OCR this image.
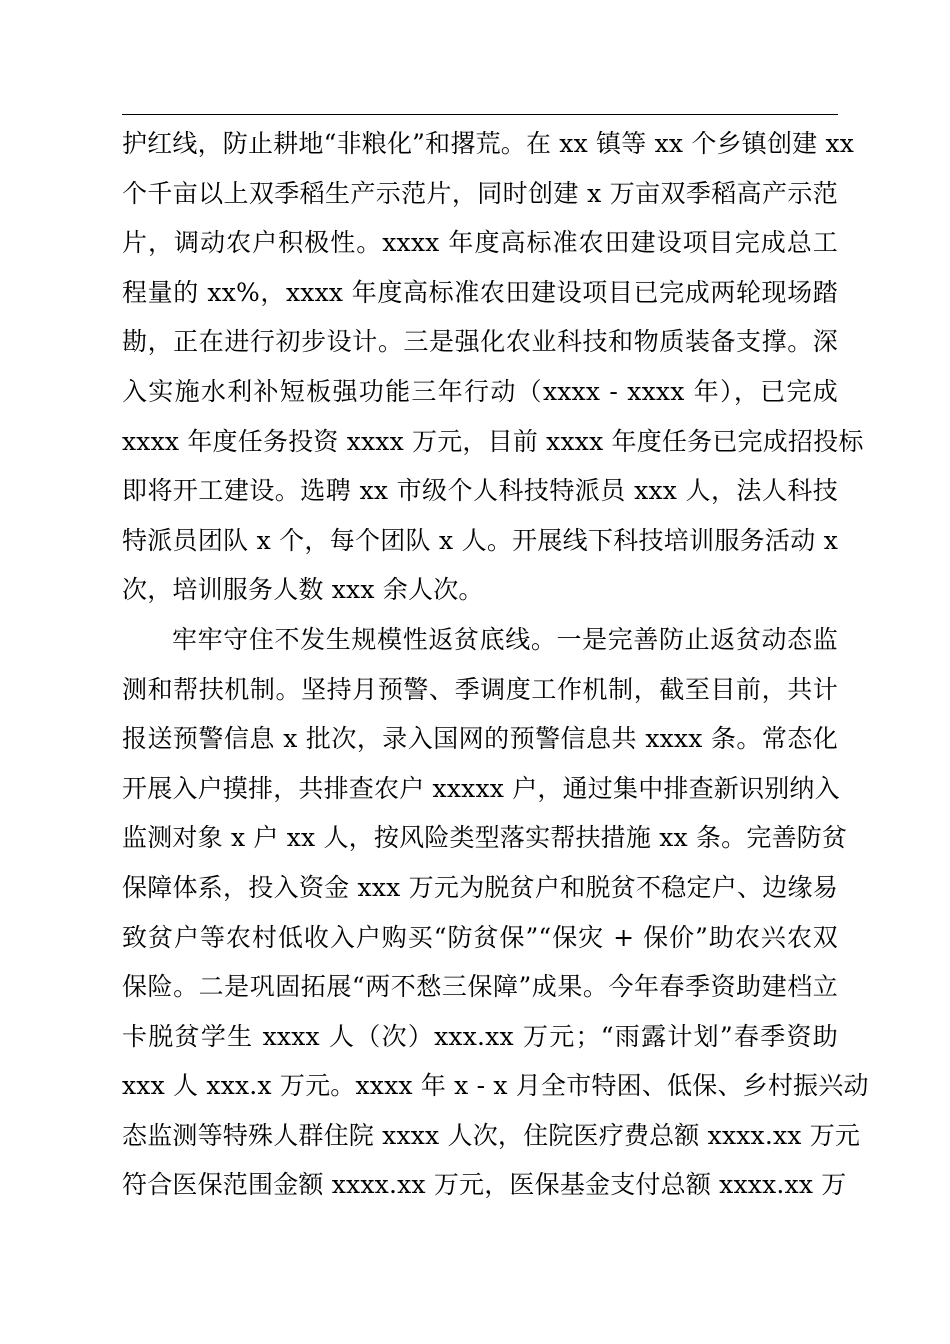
护红线，防止耕地“非粮化”和撂荒。在 xx 镇等 xx 个乡镇创建 xx
个千亩以上双季稻生产示范片，同时创建 x 万亩双季稻高产示范
片，调动农户积极性。xxxx 年度高标准农田建设项目完成总工
程量的 xx%，xxxx 年度高标准农田建设项目已完成两轮现场踏
勘，正在进行初步设计。三是强化农业科技和物质装备支撑。深
入实施水利补短板强功能三年行动（xxxx - xxxx 年），已完成
xxxx 年度任务投资 xxxx 万元，目前 xxxx 年度任务已完成招投标
即将开工建设。选聘 xx 市级个人科技特派员 xxx 人，法人科技
特派员团队 x 个，每个团队 x 人。开展线下科技培训服务活动 x
次，培训服务人数 xxx 余人次。
牢牢守住不发生规模性返贫底线。一是完善防止返贫动态监
测和帮扶机制。坚持月预警、季调度工作机制，截至目前，共计
报送预警信息 x 批次，录入国网的预警信息共 xxxx 条。常态化
开展入户摸排，共排查农户 xxxxx 户，通过集中排查新识别纳入
监测对象 x 户 xx 人，按风险类型落实帮扶措施 xx 条。完善防贫
保障体系，投入资金 xxx 万元为脱贫户和脱贫不稳定户、边缘易
致贫户等农村低收入户购买“防贫保”“保灾 + 保价”助农兴农双
保险。二是巩固拓展“两不愁三保障”成果。今年春季资助建档立
卡脱贫学生 xxxx 人（次）xxx.xx 万元；“雨露计划”春季资助
xxx 人 xxx.x 万元。xxxx 年 x - x 月全市特困、低保、乡村振兴动
态监测等特殊人群住院 xxxx 人次，住院医疗费总额 xxxx.xx 万元
符合医保范围金额 xxxx.xx 万元，医保基金支付总额 xxxx.xx 万
